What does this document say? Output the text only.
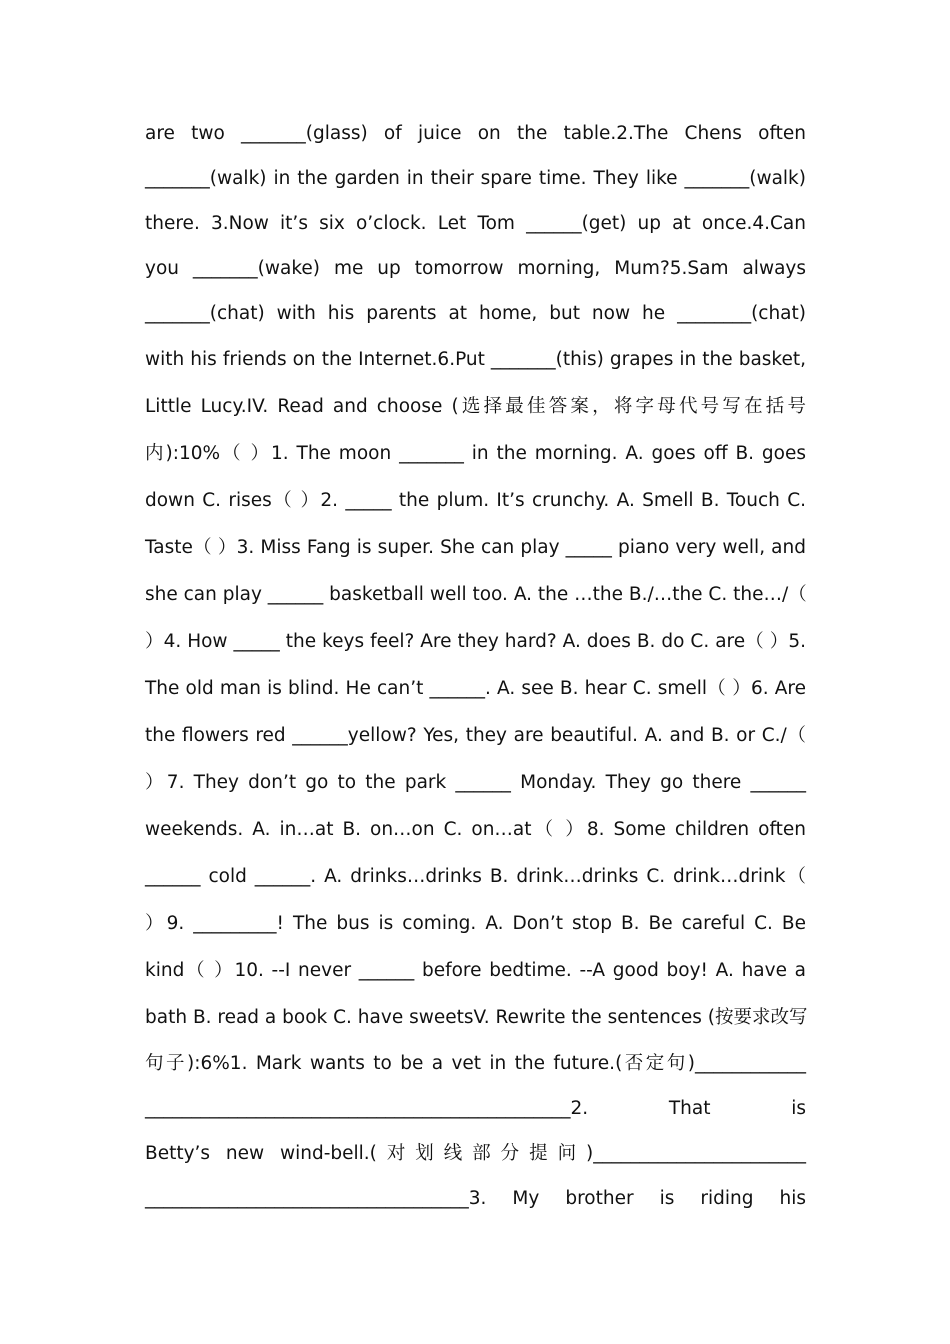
are two _______(glass) of juice on the table.2.The Chens often
_______(walk) in the garden in their spare time. They like _______(walk)
there. 3.Now it’s six o’clock. Let Tom ______(get) up at once.4.Can
you _______(wake) me up tomorrow morning, Mum?5.Sam always
_______(chat) with his parents at home, but now he ________(chat)
with his friends on the Internet.6.Put _______(this) grapes in the basket,
Little Lucy.IV. Read and choose (选择最佳答案，将字母代号写在括号
内):10%（ ）1. The moon _______ in the morning. A. goes off B. goes
down C. rises（ ）2. _____ the plum. It’s crunchy. A. Smell B. Touch C.
Taste（ ）3. Miss Fang is super. She can play _____ piano very well, and
she can play ______ basketball well too. A. the …the B./…the C. the…/（
）4. How _____ the keys feel? Are they hard? A. does B. do C. are（ ）5.
The old man is blind. He can’t ______. A. see B. hear C. smell（ ）6. Are
the flowers red ______yellow? Yes, they are beautiful. A. and B. or C./（
）7. They don’t go to the park ______ Monday. They go there ______
weekends. A. in…at B. on…on C. on…at（ ）8. Some children often
______ cold ______. A. drinks…drinks B. drink…drinks C. drink…drink（
）9. _________! The bus is coming. A. Don’t stop B. Be careful C. Be
kind（ ）10. --I never ______ before bedtime. --A good boy! A. have a
bath B. read a book C. have sweetsV. Rewrite the sentences (按要求改写
句子):6%1. Mark wants to be a vet in the future.(否定句)____________
______________________________________________2. That is
Betty’s new wind-bell.(对划线部分提问)_______________________
___________________________________3. My brother is riding his
